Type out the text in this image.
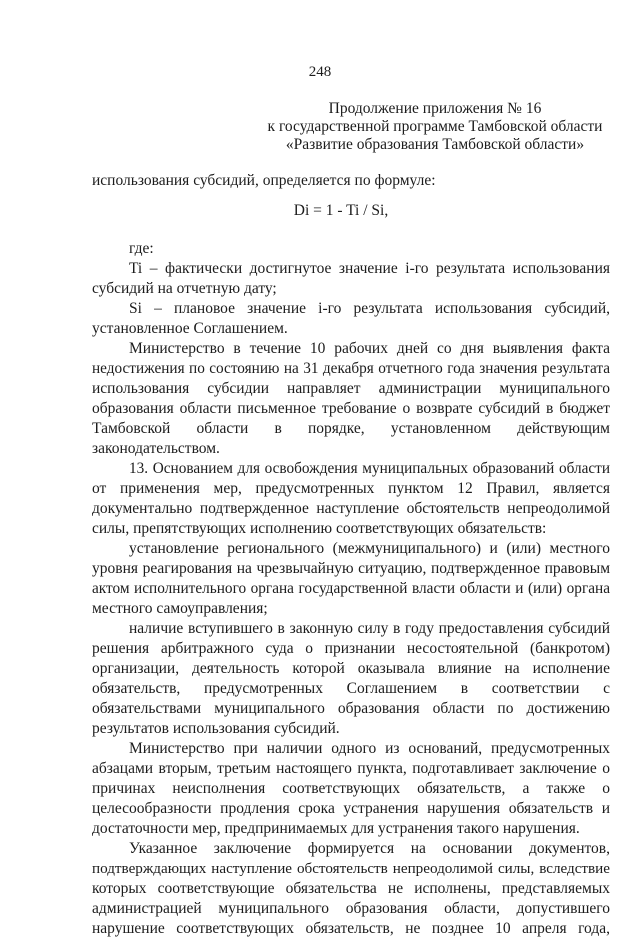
248
Продолжение приложения № 16
к государственной программе Тамбовской области
«Развитие образования Тамбовской области»
использования субсидий, определяется по формуле:
Di = 1 - Ti / Si,
где:
Ti – фактически достигнутое значение i-го результата использования
субсидий на отчетную дату;
Si – плановое значение i-го результата использования субсидий,
установленное Соглашением.
Министерство в течение 10 рабочих дней со дня выявления факта
недостижения по состоянию на 31 декабря отчетного года значения результата
использования субсидии направляет администрации муниципального
образования области письменное требование о возврате субсидий в бюджет
Тамбовской области в порядке, установленном действующим
законодательством.
13. Основанием для освобождения муниципальных образований области
от применения мер, предусмотренных пунктом 12 Правил, является
документально подтвержденное наступление обстоятельств непреодолимой
силы, препятствующих исполнению соответствующих обязательств:
установление регионального (межмуниципального) и (или) местного
уровня реагирования на чрезвычайную ситуацию, подтвержденное правовым
актом исполнительного органа государственной власти области и (или) органа
местного самоуправления;
наличие вступившего в законную силу в году предоставления субсидий
решения арбитражного суда о признании несостоятельной (банкротом)
организации, деятельность которой оказывала влияние на исполнение
обязательств, предусмотренных Соглашением в соответствии с
обязательствами муниципального образования области по достижению
результатов использования субсидий.
Министерство при наличии одного из оснований, предусмотренных
абзацами вторым, третьим настоящего пункта, подготавливает заключение о
причинах неисполнения соответствующих обязательств, а также о
целесообразности продления срока устранения нарушения обязательств и
достаточности мер, предпринимаемых для устранения такого нарушения.
Указанное заключение формируется на основании документов,
подтверждающих наступление обстоятельств непреодолимой силы, вследствие
которых соответствующие обязательства не исполнены, представляемых
администрацией муниципального образования области, допустившего
нарушение соответствующих обязательств, не позднее 10 апреля года,
